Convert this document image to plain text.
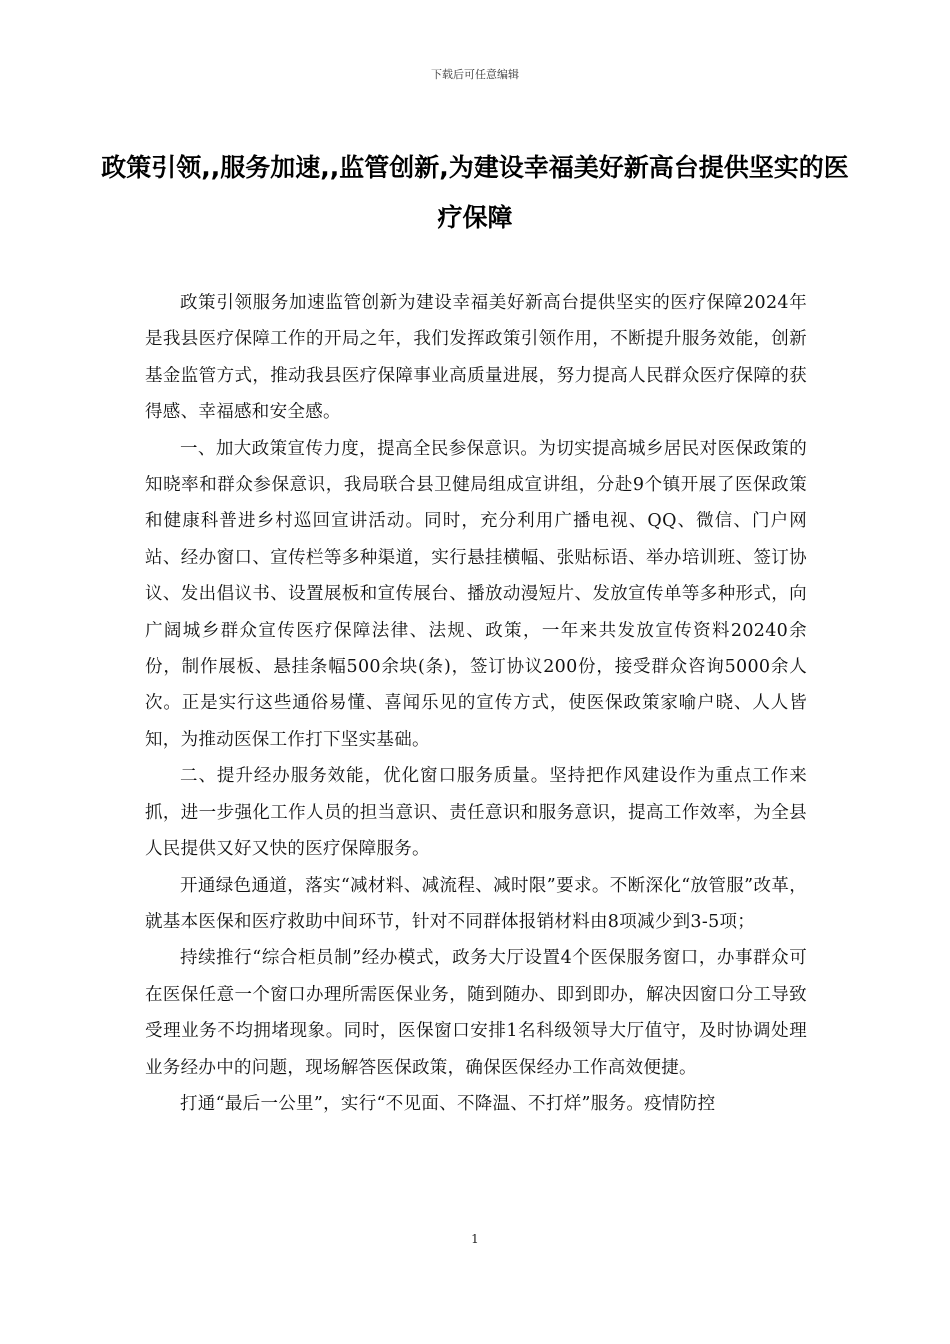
下载后可任意编辑
政策引领,,服务加速,,监管创新,为建设幸福美好新高台提供坚实的医疗保障

政策引领服务加速监管创新为建设幸福美好新高台提供坚实的医疗保障2024年是我县医疗保障工作的开局之年，我们发挥政策引领作用，不断提升服务效能，创新基金监管方式，推动我县医疗保障事业高质量进展，努力提高人民群众医疗保障的获得感、幸福感和安全感。

一、加大政策宣传力度，提高全民参保意识。为切实提高城乡居民对医保政策的知晓率和群众参保意识，我局联合县卫健局组成宣讲组，分赴9个镇开展了医保政策和健康科普进乡村巡回宣讲活动。同时，充分利用广播电视、QQ、微信、门户网站、经办窗口、宣传栏等多种渠道，实行悬挂横幅、张贴标语、举办培训班、签订协议、发出倡议书、设置展板和宣传展台、播放动漫短片、发放宣传单等多种形式，向广阔城乡群众宣传医疗保障法律、法规、政策，一年来共发放宣传资料20240余份，制作展板、悬挂条幅500余块(条)，签订协议200份，接受群众咨询5000余人次。正是实行这些通俗易懂、喜闻乐见的宣传方式，使医保政策家喻户晓、人人皆知，为推动医保工作打下坚实基础。

二、提升经办服务效能，优化窗口服务质量。坚持把作风建设作为重点工作来抓，进一步强化工作人员的担当意识、责任意识和服务意识，提高工作效率，为全县人民提供又好又快的医疗保障服务。

开通绿色通道，落实“减材料、减流程、减时限”要求。不断深化“放管服”改革，就基本医保和医疗救助中间环节，针对不同群体报销材料由8项减少到3-5项；

持续推行“综合柜员制”经办模式，政务大厅设置4个医保服务窗口，办事群众可在医保任意一个窗口办理所需医保业务，随到随办、即到即办，解决因窗口分工导致受理业务不均拥堵现象。同时，医保窗口安排1名科级领导大厅值守，及时协调处理业务经办中的问题，现场解答医保政策，确保医保经办工作高效便捷。

打通“最后一公里”，实行“不见面、不降温、不打烊”服务。疫情防控

1
